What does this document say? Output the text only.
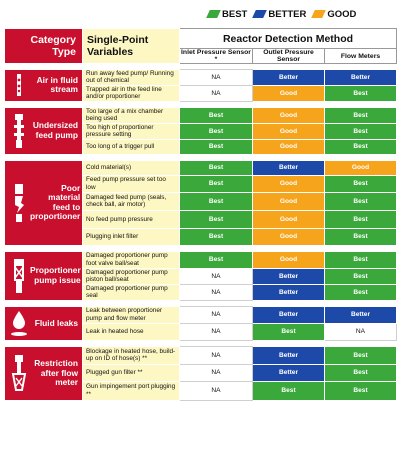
BEST BETTER GOOD
Category Type	Single-Point Variables	Reactor Detection Method		
		Inlet Pressure Sensor *	Outlet Pressure Sensor	Flow Meters

Air in fluid stream	Run away feed pump/ Running out of chemical	NA	Better	Better
	Trapped air in the feed line and/or proportioner	NA	Good	Best

Undersized feed pump	Too large of a mix chamber being used	Best	Good	Best
	Too high of proportioner pressure setting	Best	Good	Best
	Too long of a trigger pull	Best	Good	Best

Poor material feed to proportioner	Cold material(s)	Best	Better	Good
	Feed pump pressure set too low	Best	Good	Best
	Damaged feed pump (seals, check ball, air motor)	Best	Good	Best
	No feed pump pressure	Best	Good	Best
	Plugging inlet filter	Best	Good	Best

Proportioner pump issue	Damaged proportioner pump foot valve ball/seat	Best	Good	Best
	Damaged proportioner pump piston ball/seat	NA	Better	Best
	Damaged proportioner pump seal	NA	Better	Best

Fluid leaks	Leak between proportioner pump and flow meter	NA	Better	Better
	Leak in heated hose	NA	Best	NA

Restriction after flow meter	Blockage in heated hose, build-up on ID of hose(s) **	NA	Better	Best
	Plugged gun filter **	NA	Better	Best
	Gun impingement port plugging **	NA	Best	Best
